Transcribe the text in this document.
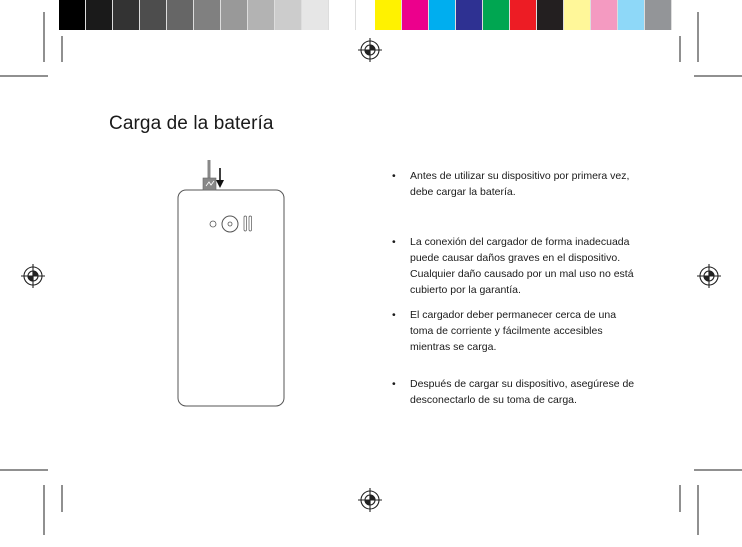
Carga de la batería
• Antes de utilizar su dispositivo por primera vez, debe cargar la batería.
• La conexión del cargador de forma inadecuada puede causar daños graves en el dispositivo. Cualquier daño causado por un mal uso no está cubierto por la garantía.
• El cargador deber permanecer cerca de una toma de corriente y fácilmente accesibles mientras se carga.
• Después de cargar su dispositivo, asegúrese de desconectarlo de su toma de carga.
